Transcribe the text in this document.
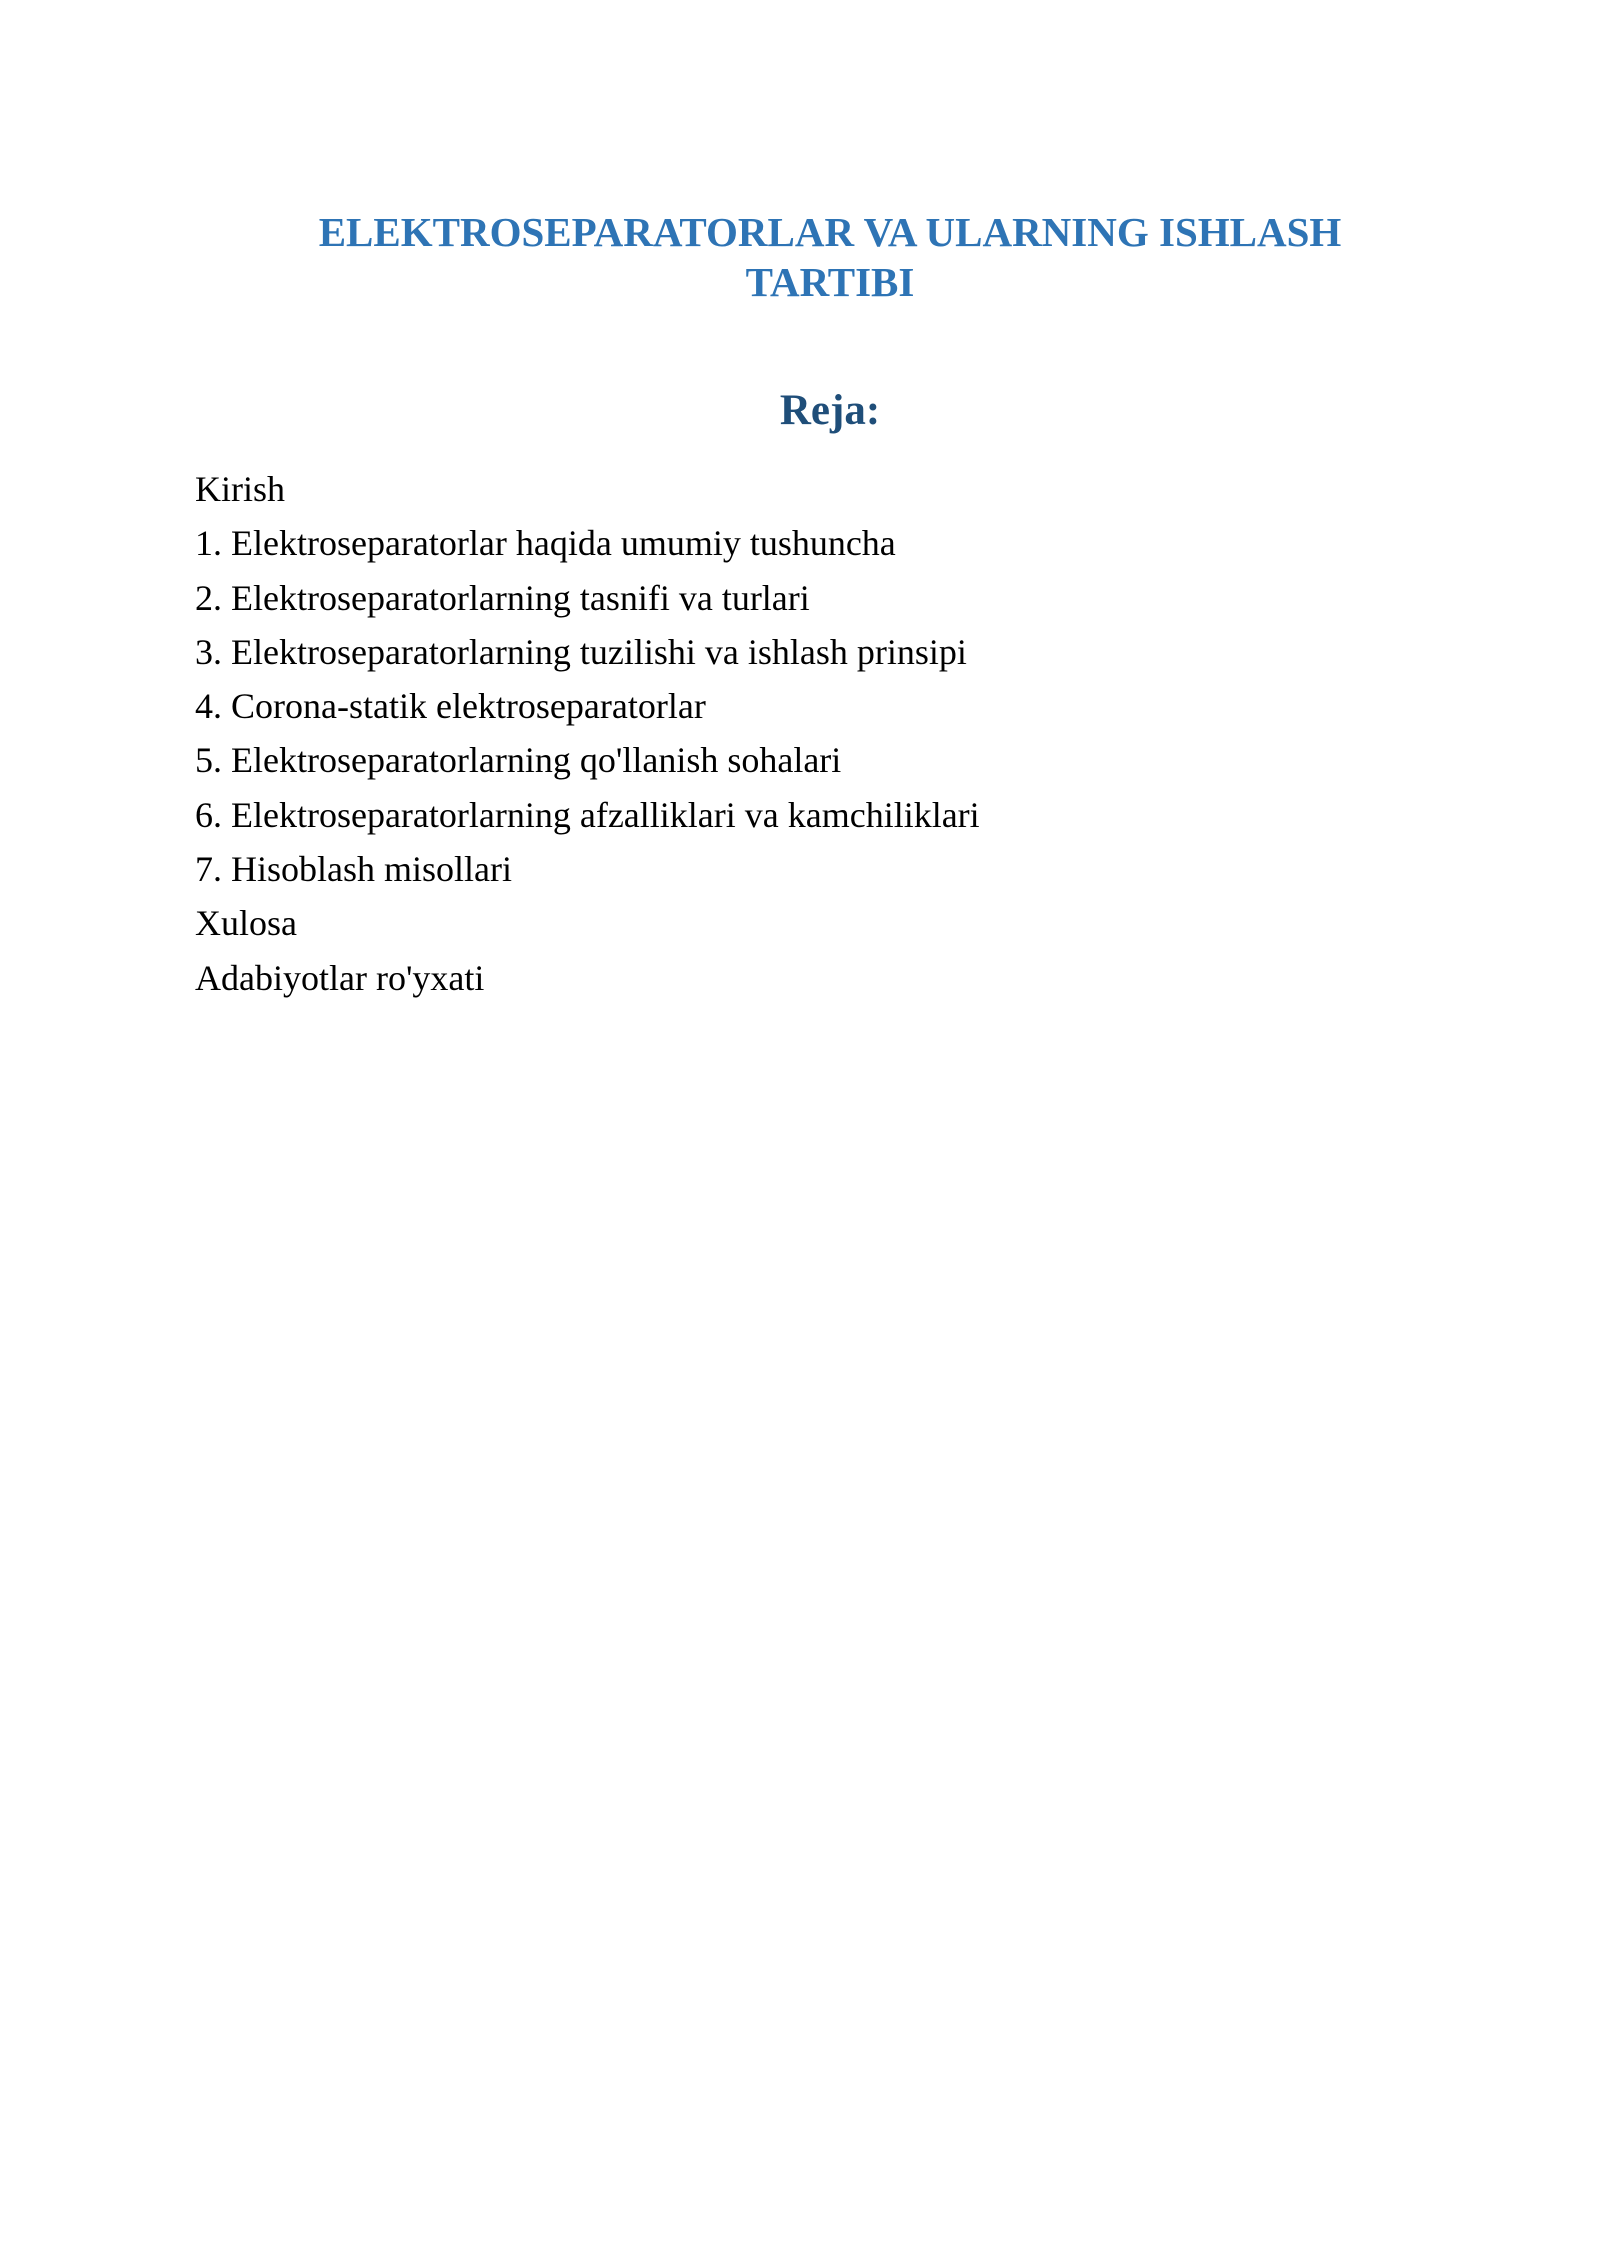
ELEKTROSEPARATORLAR VA ULARNING ISHLASH
TARTIBI
Reja:
Kirish
1. Elektroseparatorlar haqida umumiy tushuncha
2. Elektroseparatorlarning tasnifi va turlari
3. Elektroseparatorlarning tuzilishi va ishlash prinsipi
4. Corona-statik elektroseparatorlar
5. Elektroseparatorlarning qo'llanish sohalari
6. Elektroseparatorlarning afzalliklari va kamchiliklari
7. Hisoblash misollari
Xulosa
Adabiyotlar ro'yxati
